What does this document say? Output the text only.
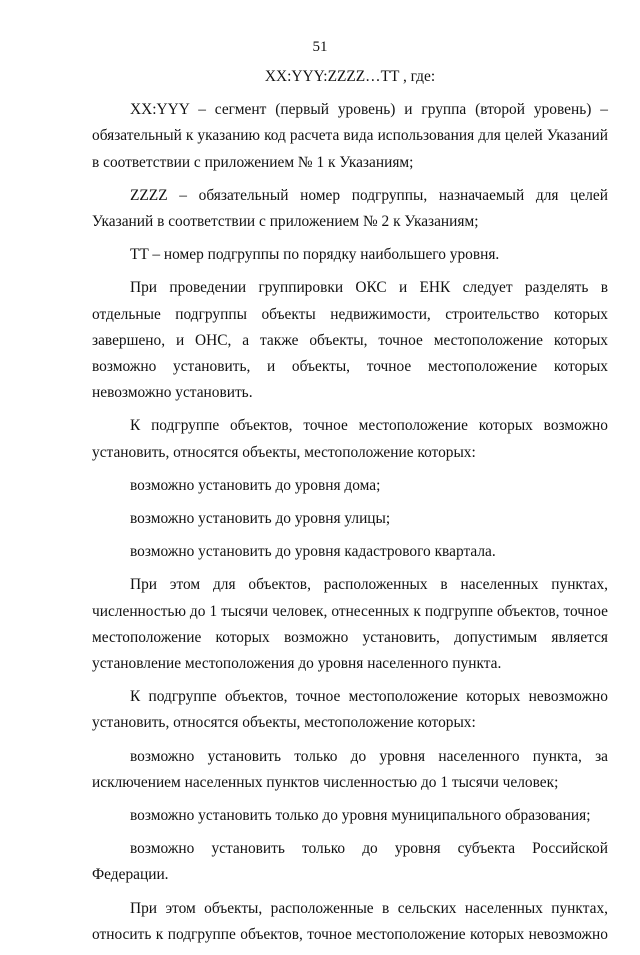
51

XX:YYY:ZZZZ…TT , где:

XX:YYY – сегмент (первый уровень) и группа (второй уровень) – обязательный к указанию код расчета вида использования для целей Указаний в соответствии с приложением № 1 к Указаниям;

ZZZZ – обязательный номер подгруппы, назначаемый для целей Указаний в соответствии с приложением № 2 к Указаниям;

TT – номер подгруппы по порядку наибольшего уровня.

При проведении группировки ОКС и ЕНК следует разделять в отдельные подгруппы объекты недвижимости, строительство которых завершено, и ОНС, а также объекты, точное местоположение которых возможно установить, и объекты, точное местоположение которых невозможно установить.

К подгруппе объектов, точное местоположение которых возможно установить, относятся объекты, местоположение которых:

возможно установить до уровня дома;

возможно установить до уровня улицы;

возможно установить до уровня кадастрового квартала.

При этом для объектов, расположенных в населенных пунктах, численностью до 1 тысячи человек, отнесенных к подгруппе объектов, точное местоположение которых возможно установить, допустимым является установление местоположения до уровня населенного пункта.

К подгруппе объектов, точное местоположение которых невозможно установить, относятся объекты, местоположение которых:

возможно установить только до уровня населенного пункта, за исключением населенных пунктов численностью до 1 тысячи человек;

возможно установить только до уровня муниципального образования;

возможно установить только до уровня субъекта Российской Федерации.

При этом объекты, расположенные в сельских населенных пунктах, относить к подгруппе объектов, точное местоположение которых невозможно
